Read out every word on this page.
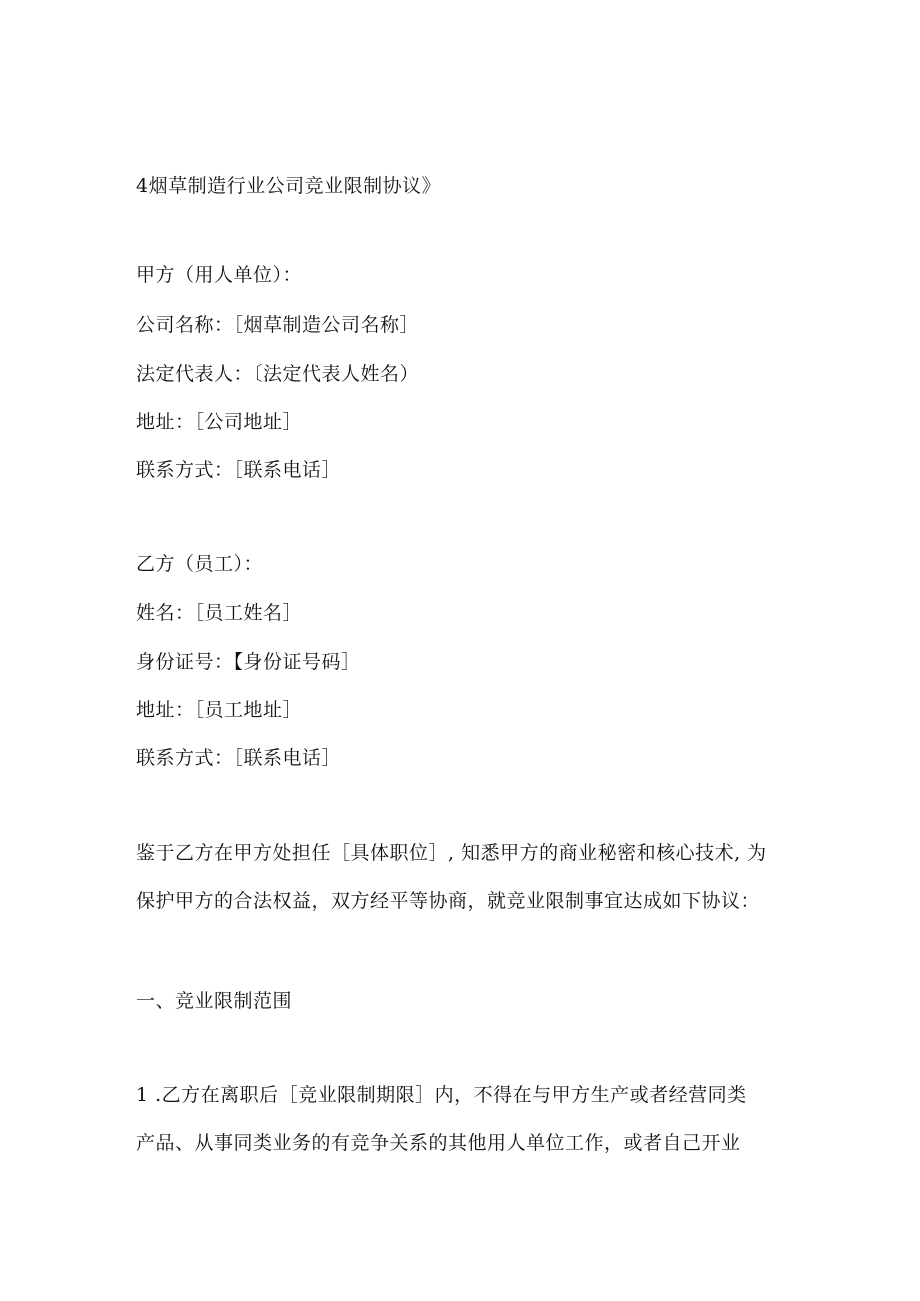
4烟草制造行业公司竞业限制协议》
甲方（用人单位）：
公司名称：［烟草制造公司名称］
法定代表人：〔法定代表人姓名）
地址：［公司地址］
联系方式：［联系电话］
乙方（员工）：
姓名：［员工姓名］
身份证号：【身份证号码］
地址：［员工地址］
联系方式：［联系电话］
鉴于乙方在甲方处担任［具体职位］, 知悉甲方的商业秘密和核心技术, 为
保护甲方的合法权益，双方经平等协商，就竞业限制事宜达成如下协议：
一、竞业限制范围
1 .乙方在离职后［竞业限制期限］内，不得在与甲方生产或者经营同类
产品、从事同类业务的有竞争关系的其他用人单位工作，或者自己开业
